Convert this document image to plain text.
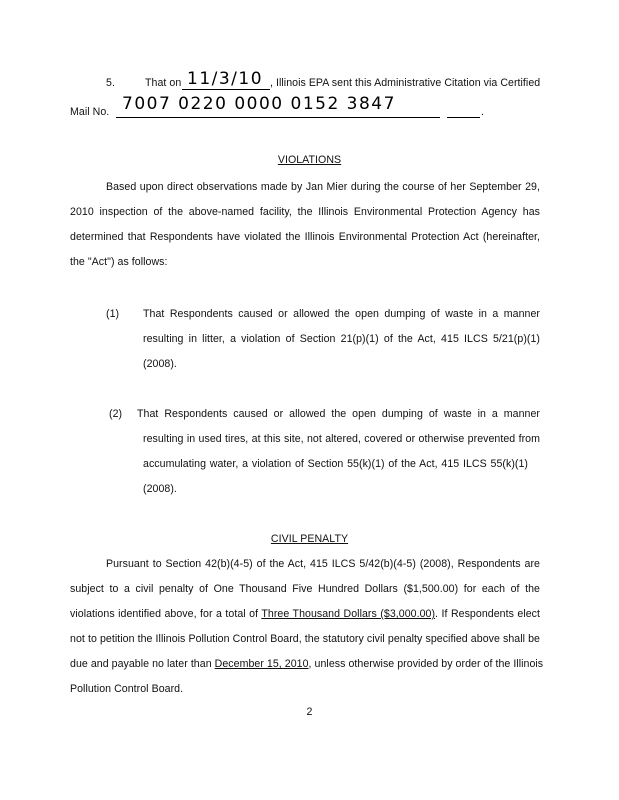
5.	That on 11/3/10 , Illinois EPA sent this Administrative Citation via Certified
Mail No. 7007 0220 0000 0152 3847	.
VIOLATIONS
Based upon direct observations made by Jan Mier during the course of her September 29,
2010 inspection of the above-named facility, the Illinois Environmental Protection Agency has
determined that Respondents have violated the Illinois Environmental Protection Act (hereinafter,
the "Act") as follows:
(1) That Respondents caused or allowed the open dumping of waste in a manner
resulting in litter, a violation of Section 21(p)(1) of the Act, 415 ILCS 5/21(p)(1)
(2008).
(2) That Respondents caused or allowed the open dumping of waste in a manner
resulting in used tires, at this site, not altered, covered or otherwise prevented from
accumulating water, a violation of Section 55(k)(1) of the Act, 415 ILCS 55(k)(1)
(2008).
CIVIL PENALTY
Pursuant to Section 42(b)(4-5) of the Act, 415 ILCS 5/42(b)(4-5) (2008), Respondents are
subject to a civil penalty of One Thousand Five Hundred Dollars ($1,500.00) for each of the
violations identified above, for a total of Three Thousand Dollars ($3,000.00). If Respondents elect
not to petition the Illinois Pollution Control Board, the statutory civil penalty specified above shall be
due and payable no later than December 15, 2010, unless otherwise provided by order of the Illinois
Pollution Control Board.
2
